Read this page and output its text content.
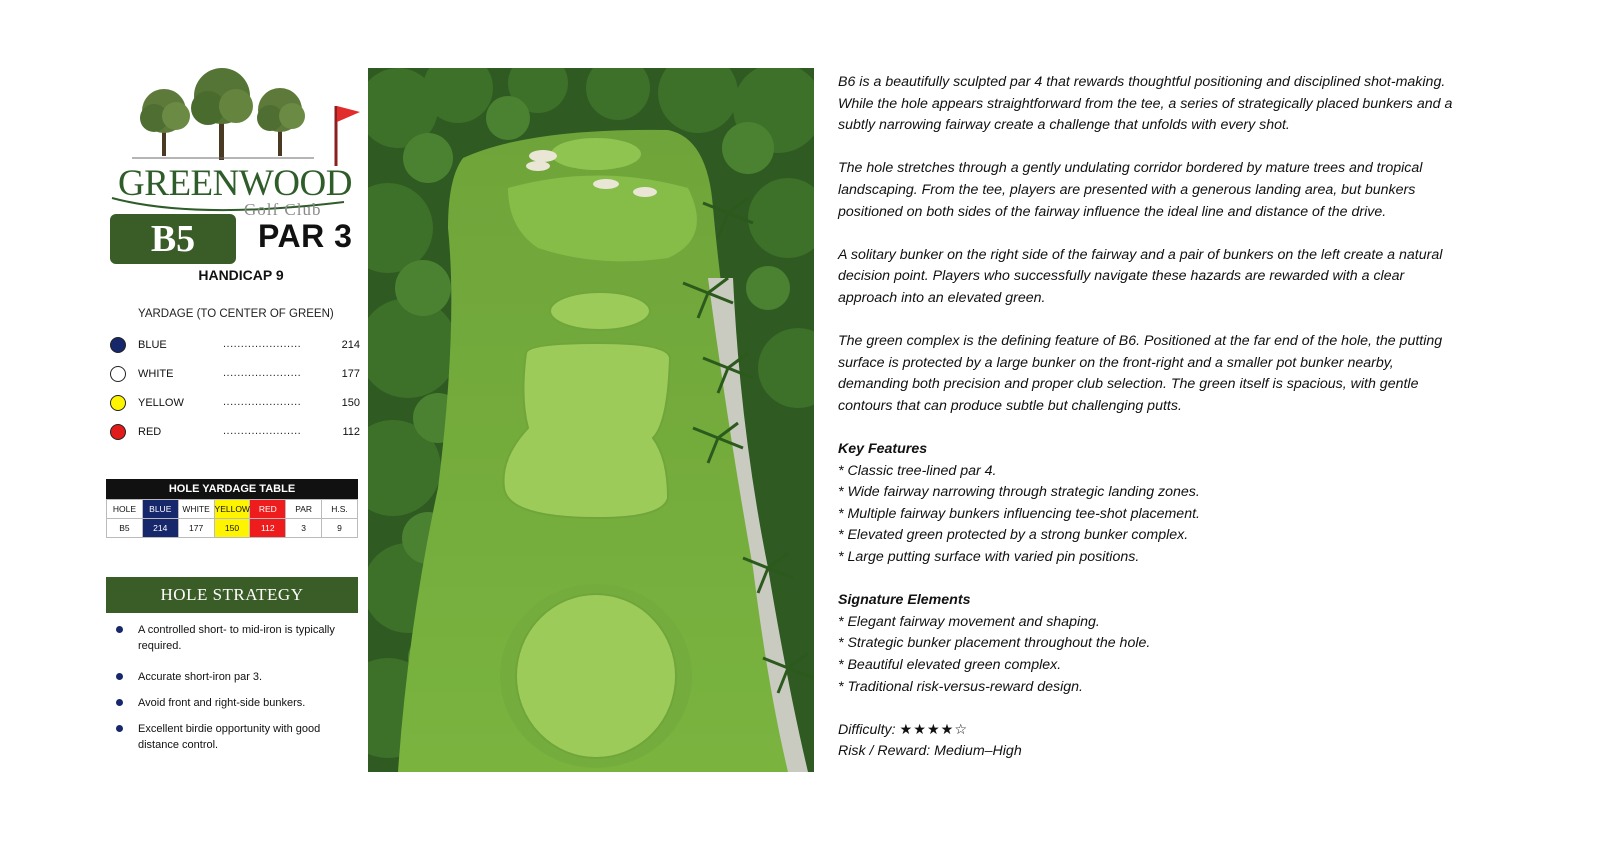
GREENWOOD
Golf Club
B5	PAR 3
HANDICAP 9
YARDAGE (TO CENTER OF GREEN)
BLUE	......................	214
WHITE	......................	177
YELLOW	......................	150
RED	......................	112
HOLE YARDAGE TABLE
HOLE	BLUE	WHITE	YELLOW	RED	PAR	H.S.
B5	214	177	150	112	3	9
HOLE STRATEGY
A controlled short- to mid-iron is typically required.
Accurate short-iron par 3.
Avoid front and right-side bunkers.
Excellent birdie opportunity with good distance control.
B6 is a beautifully sculpted par 4 that rewards thoughtful positioning and disciplined shot-making.
While the hole appears straightforward from the tee, a series of strategically placed bunkers and a
subtly narrowing fairway create a challenge that unfolds with every shot.
The hole stretches through a gently undulating corridor bordered by mature trees and tropical
landscaping. From the tee, players are presented with a generous landing area, but bunkers
positioned on both sides of the fairway influence the ideal line and distance of the drive.
A solitary bunker on the right side of the fairway and a pair of bunkers on the left create a natural
decision point. Players who successfully navigate these hazards are rewarded with a clear
approach into an elevated green.
The green complex is the defining feature of B6. Positioned at the far end of the hole, the putting
surface is protected by a large bunker on the front-right and a smaller pot bunker nearby,
demanding both precision and proper club selection. The green itself is spacious, with gentle
contours that can produce subtle but challenging putts.
Key Features
* Classic tree-lined par 4.
* Wide fairway narrowing through strategic landing zones.
* Multiple fairway bunkers influencing tee-shot placement.
* Elevated green protected by a strong bunker complex.
* Large putting surface with varied pin positions.
Signature Elements
* Elegant fairway movement and shaping.
* Strategic bunker placement throughout the hole.
* Beautiful elevated green complex.
* Traditional risk-versus-reward design.
Difficulty: ★★★★☆
Risk / Reward: Medium–High
